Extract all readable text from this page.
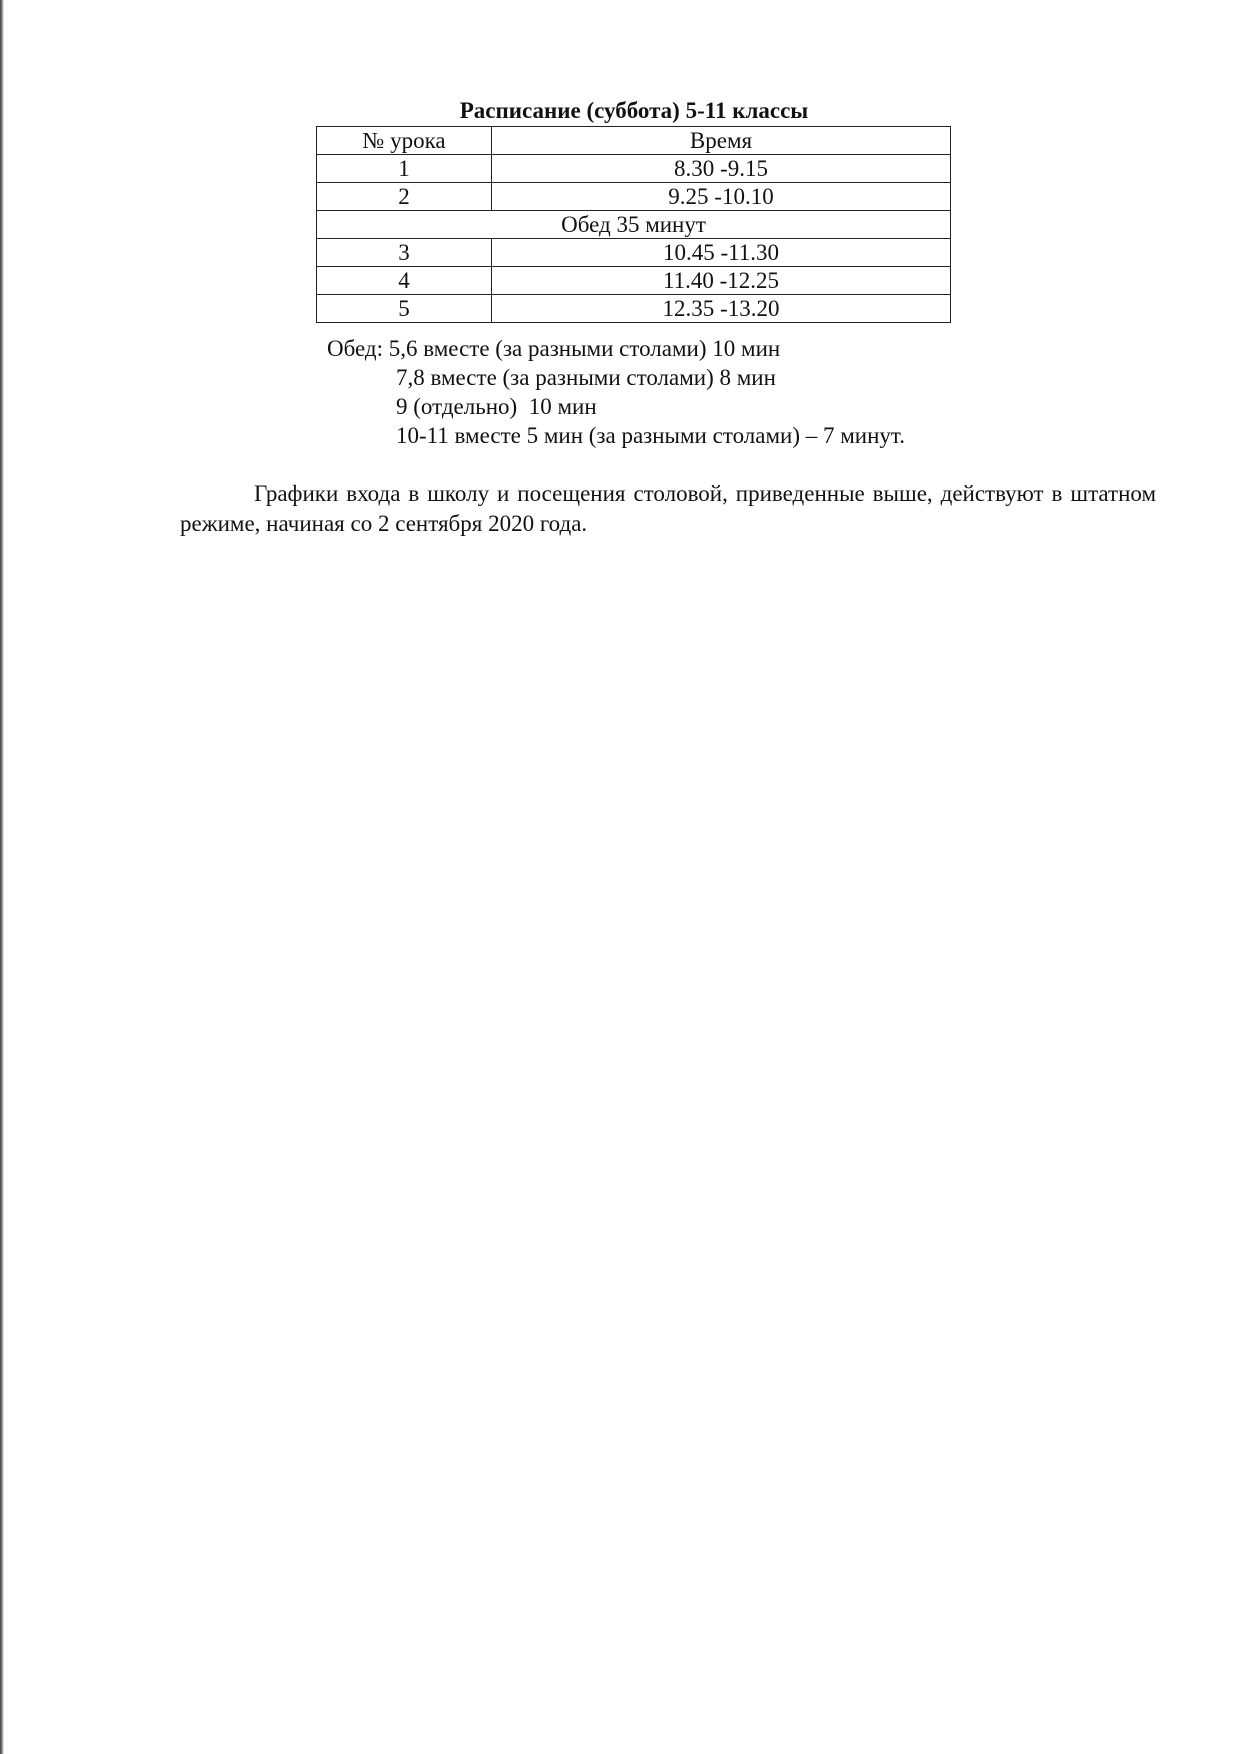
Расписание (суббота) 5-11 классы
№ урока	Время
1	8.30 -9.15
2	9.25 -10.10
Обед 35 минут	
3	10.45 -11.30
4	11.40 -12.25
5	12.35 -13.20
Обед: 5,6 вместе (за разными столами) 10 мин
7,8 вместе (за разными столами) 8 мин
9 (отдельно)  10 мин
10-11 вместе 5 мин (за разными столами) – 7 минут.

Графики входа в школу и посещения столовой, приведенные выше, действуют в штатном режиме, начиная со 2 сентября 2020 года.
